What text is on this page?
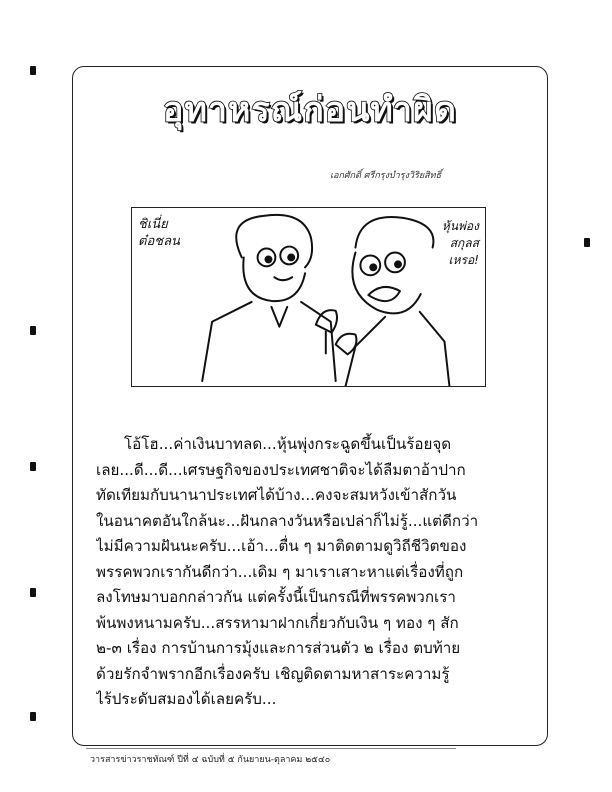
อุทาหรณ์ก่อนทำผิด
เอกศักดิ์ ศรีกรุงบำรุงวิริยสิทธิ์
ชิเนี่ย
ต๋อชลน
หุ้นพ่อง
สกุลส
เหรอ!
โอ้โฮ...ค่าเงินบาทลด...หุ้นพุ่งกระฉูดขึ้นเป็นร้อยจุด
เลย...ดี...ดี...เศรษฐกิจของประเทศชาติจะได้ลืมตาอ้าปาก
ทัดเทียมกับนานาประเทศได้บ้าง...คงจะสมหวังเข้าสักวัน
ในอนาคตอันใกล้นะ...ฝันกลางวันหรือเปล่าก็ไม่รู้...แต่ดีกว่า
ไม่มีความฝันนะครับ...เอ้า...ตื่น ๆ มาติดตามดูวิถีชีวิตของ
พรรคพวกเรากันดีกว่า...เดิม ๆ มาเราเสาะหาแต่เรื่องที่ถูก
ลงโทษมาบอกกล่าวกัน แต่ครั้งนี้เป็นกรณีที่พรรคพวกเรา
พ้นพงหนามครับ...สรรหามาฝากเกี่ยวกับเงิน ๆ ทอง ๆ สัก
๒-๓ เรื่อง การบ้านการมุ้งและการส่วนตัว ๒ เรื่อง ตบท้าย
ด้วยรักจำพรากอีกเรื่องครับ เชิญติดตามหาสาระความรู้
ไร้ประดับสมองได้เลยครับ...
วารสารข่าวราชทัณฑ์ ปีที่ ๔ ฉบับที่ ๕ กันยายน-ตุลาคม ๒๕๔๐
